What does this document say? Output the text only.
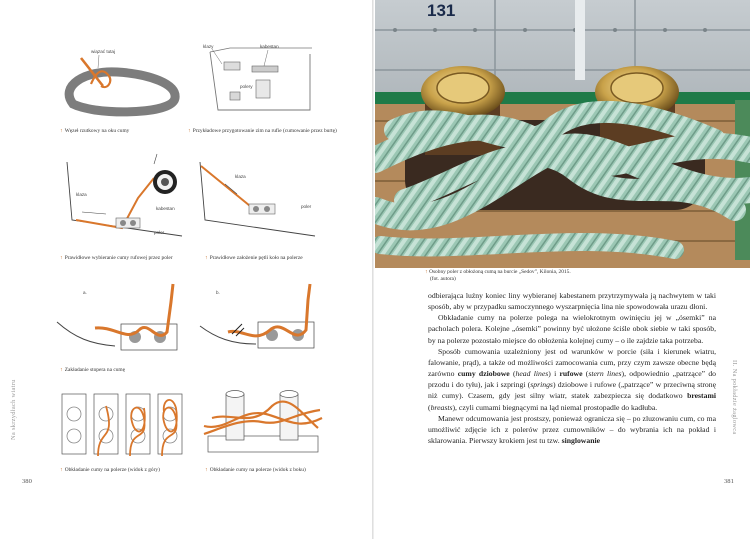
wiązać tutaj
↑ Węzeł rzutkowy na oku cumy
klazy	kabestan
polery
↑ Przykładowe przygotowanie zim na rufie (cumowanie przez burtę)
klaza
kabestan
poler
↑ Prawidłowe wybieranie cumy rufowej przez poler
klaza
poler
↑ Prawidłowe założenie pętli koło na polerze
a.	b.
↑ Zakładanie stopera na cumę
↑ Obkładanie cumy na polerze (widok z góry)	↑ Obkładanie cumy na polerze (widok z boku)
Na skrzydłach wiatru
380
131
↑ Osobny poler z obłożoną cumą na burcie „Sedov”, Kilonia, 2015.
(fot. autora)

odbierająca luźny koniec liny wybieranej kabestanem przytrzymywała ją nachwytem w taki sposób, aby w przypadku samoczynnego wyszarpnięcia lina nie spowodowała urazu dłoni.

Obkładanie cumy na polerze polega na wielokrotnym owinięciu jej w „ósemki” na pacholach polera. Kolejne „ósemki” powinny być ułożone ściśle obok siebie w taki sposób, by na polerze pozostało miejsce do obłożenia kolejnej cumy – o ile zajdzie taka potrzeba.

Sposób cumowania uzależniony jest od warunków w porcie (siła i kierunek wiatru, falowanie, prąd), a także od możliwości zamocowania cum, przy czym zawsze obecne będą zarówno cumy dziobowe (head lines) i rufowe (stern lines), odpowiednio „patrzące” do przodu i do tyłu), jak i szpringi (springs) dziobowe i rufowe („patrzące” w przeciwną stronę niż cumy). Czasem, gdy jest silny wiatr, statek zabezpiecza się dodatkowo brestami (breasts), czyli cumami biegnącymi na ląd niemal prostopadle do kadłuba.

Manewr odcumowania jest prostszy, ponieważ ogranicza się – po zluzowaniu cum, co ma umożliwić zdjęcie ich z polerów przez cumowników – do wybrania ich na pokład i sklarowania. Pierwszy krokiem jest tu tzw. singlowanie

II. Na pokładzie żaglowca
381
